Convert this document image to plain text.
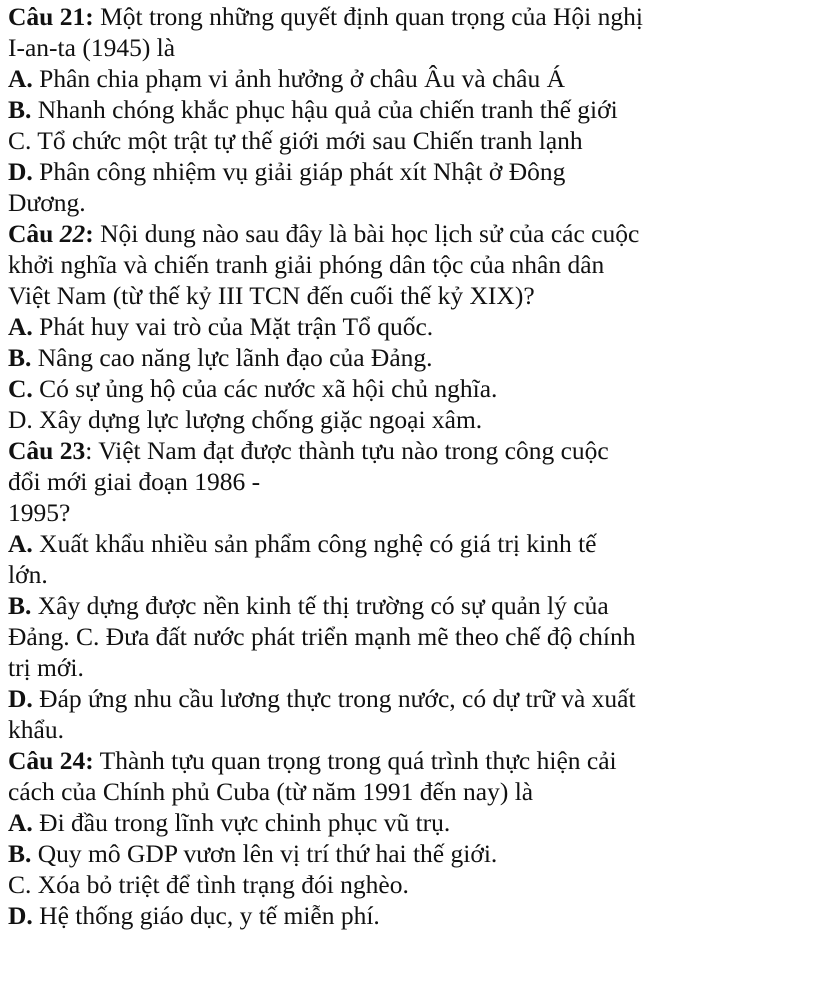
Câu 21: Một trong những quyết định quan trọng của Hội nghị
I-an-ta (1945) là
A. Phân chia phạm vi ảnh hưởng ở châu Âu và châu Á
B. Nhanh chóng khắc phục hậu quả của chiến tranh thế giới
C. Tổ chức một trật tự thế giới mới sau Chiến tranh lạnh
D. Phân công nhiệm vụ giải giáp phát xít Nhật ở Đông
Dương.
Câu 22: Nội dung nào sau đây là bài học lịch sử của các cuộc
khởi nghĩa và chiến tranh giải phóng dân tộc của nhân dân
Việt Nam (từ thế kỷ III TCN đến cuối thế kỷ XIX)?
A. Phát huy vai trò của Mặt trận Tổ quốc.
B. Nâng cao năng lực lãnh đạo của Đảng.
C. Có sự ủng hộ của các nước xã hội chủ nghĩa.
D. Xây dựng lực lượng chống giặc ngoại xâm.
Câu 23: Việt Nam đạt được thành tựu nào trong công cuộc
đổi mới giai đoạn 1986 -
1995?
A. Xuất khẩu nhiều sản phẩm công nghệ có giá trị kinh tế
lớn.
B. Xây dựng được nền kinh tế thị trường có sự quản lý của
Đảng. C. Đưa đất nước phát triển mạnh mẽ theo chế độ chính
trị mới.
D. Đáp ứng nhu cầu lương thực trong nước, có dự trữ và xuất
khẩu.
Câu 24: Thành tựu quan trọng trong quá trình thực hiện cải
cách của Chính phủ Cuba (từ năm 1991 đến nay) là
A. Đi đầu trong lĩnh vực chinh phục vũ trụ.
B. Quy mô GDP vươn lên vị trí thứ hai thế giới.
C. Xóa bỏ triệt để tình trạng đói nghèo.
D. Hệ thống giáo dục, y tế miễn phí.
